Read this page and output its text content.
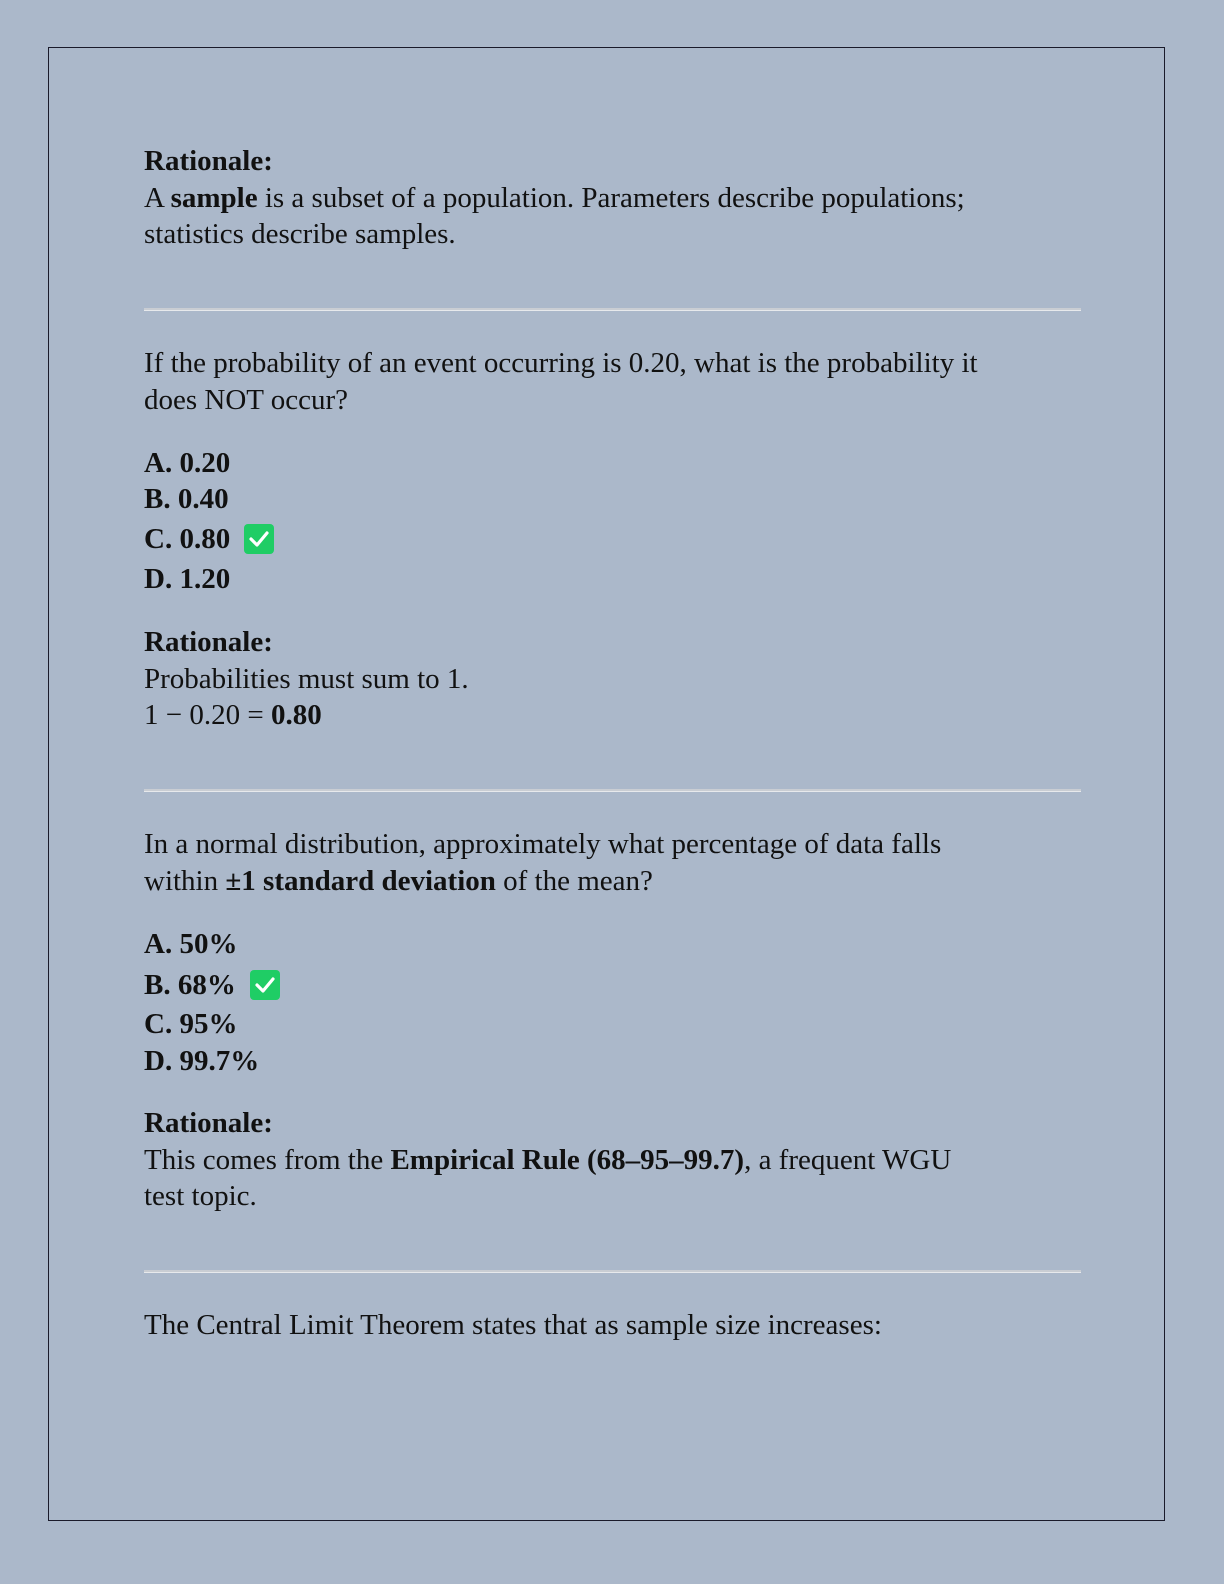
Rationale:
A sample is a subset of a population. Parameters describe populations;
statistics describe samples.
If the probability of an event occurring is 0.20, what is the probability it
does NOT occur?
A. 0.20
B. 0.40
C. 0.80
D. 1.20
Rationale:
Probabilities must sum to 1.
1 − 0.20 = 0.80
In a normal distribution, approximately what percentage of data falls
within ±1 standard deviation of the mean?
A. 50%
B. 68%
C. 95%
D. 99.7%
Rationale:
This comes from the Empirical Rule (68–95–99.7), a frequent WGU
test topic.
The Central Limit Theorem states that as sample size increases:
